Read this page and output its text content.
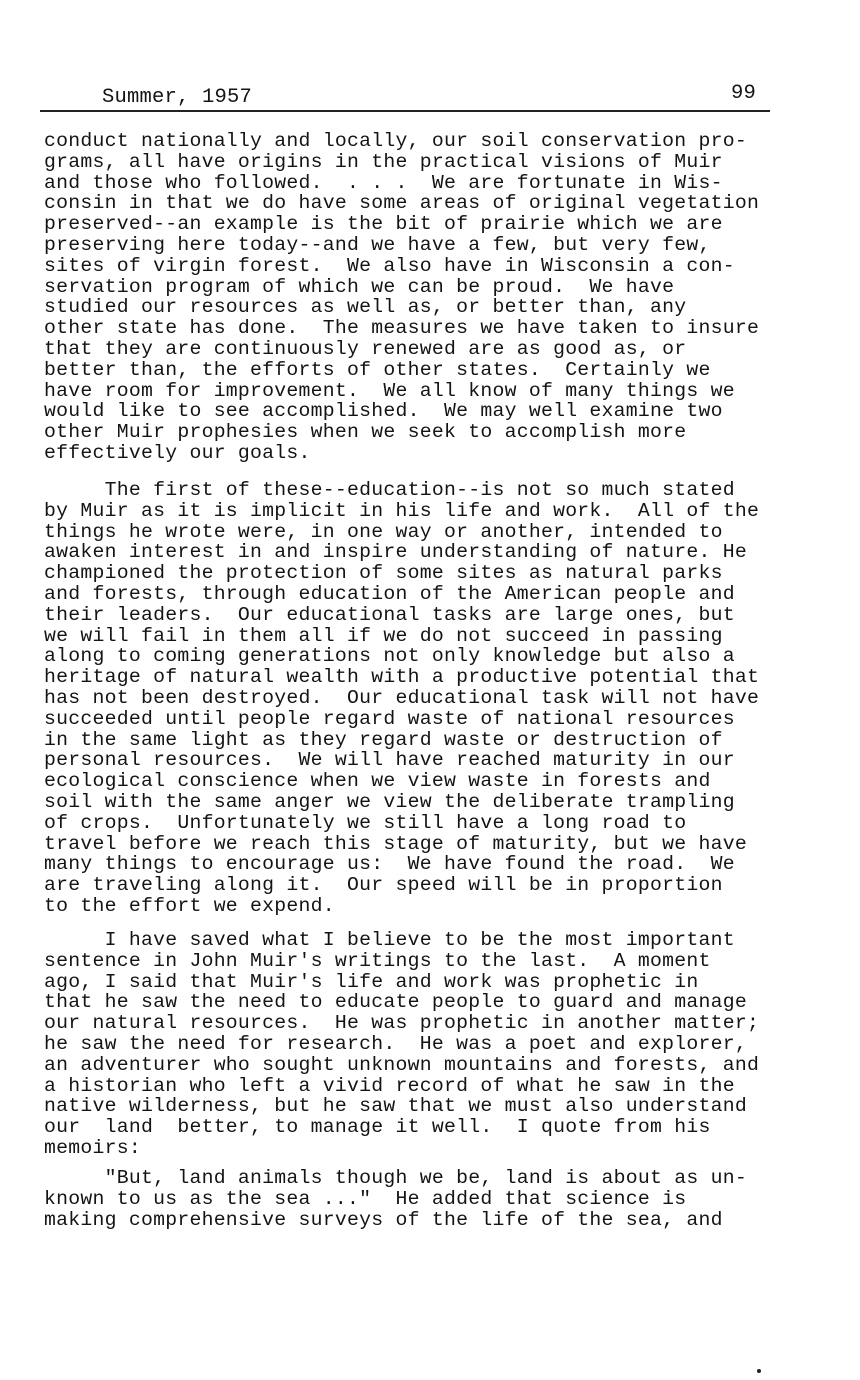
Summer, 1957	99
conduct nationally and locally, our soil conservation pro-
grams, all have origins in the practical visions of Muir
and those who followed.  . . .  We are fortunate in Wis-
consin in that we do have some areas of original vegetation
preserved--an example is the bit of prairie which we are
preserving here today--and we have a few, but very few,
sites of virgin forest.  We also have in Wisconsin a con-
servation program of which we can be proud.  We have
studied our resources as well as, or better than, any
other state has done.  The measures we have taken to insure
that they are continuously renewed are as good as, or
better than, the efforts of other states.  Certainly we
have room for improvement.  We all know of many things we
would like to see accomplished.  We may well examine two
other Muir prophesies when we seek to accomplish more
effectively our goals.
The first of these--education--is not so much stated
by Muir as it is implicit in his life and work.  All of the
things he wrote were, in one way or another, intended to
awaken interest in and inspire understanding of nature. He
championed the protection of some sites as natural parks
and forests, through education of the American people and
their leaders.  Our educational tasks are large ones, but
we will fail in them all if we do not succeed in passing
along to coming generations not only knowledge but also a
heritage of natural wealth with a productive potential that
has not been destroyed.  Our educational task will not have
succeeded until people regard waste of national resources
in the same light as they regard waste or destruction of
personal resources.  We will have reached maturity in our
ecological conscience when we view waste in forests and
soil with the same anger we view the deliberate trampling
of crops.  Unfortunately we still have a long road to
travel before we reach this stage of maturity, but we have
many things to encourage us:  We have found the road.  We
are traveling along it.  Our speed will be in proportion
to the effort we expend.
I have saved what I believe to be the most important
sentence in John Muir's writings to the last.  A moment
ago, I said that Muir's life and work was prophetic in
that he saw the need to educate people to guard and manage
our natural resources.  He was prophetic in another matter;
he saw the need for research.  He was a poet and explorer,
an adventurer who sought unknown mountains and forests, and
a historian who left a vivid record of what he saw in the
native wilderness, but he saw that we must also understand
our  land  better, to manage it well.  I quote from his
memoirs:
"But, land animals though we be, land is about as un-
known to us as the sea ..."  He added that science is
making comprehensive surveys of the life of the sea, and
